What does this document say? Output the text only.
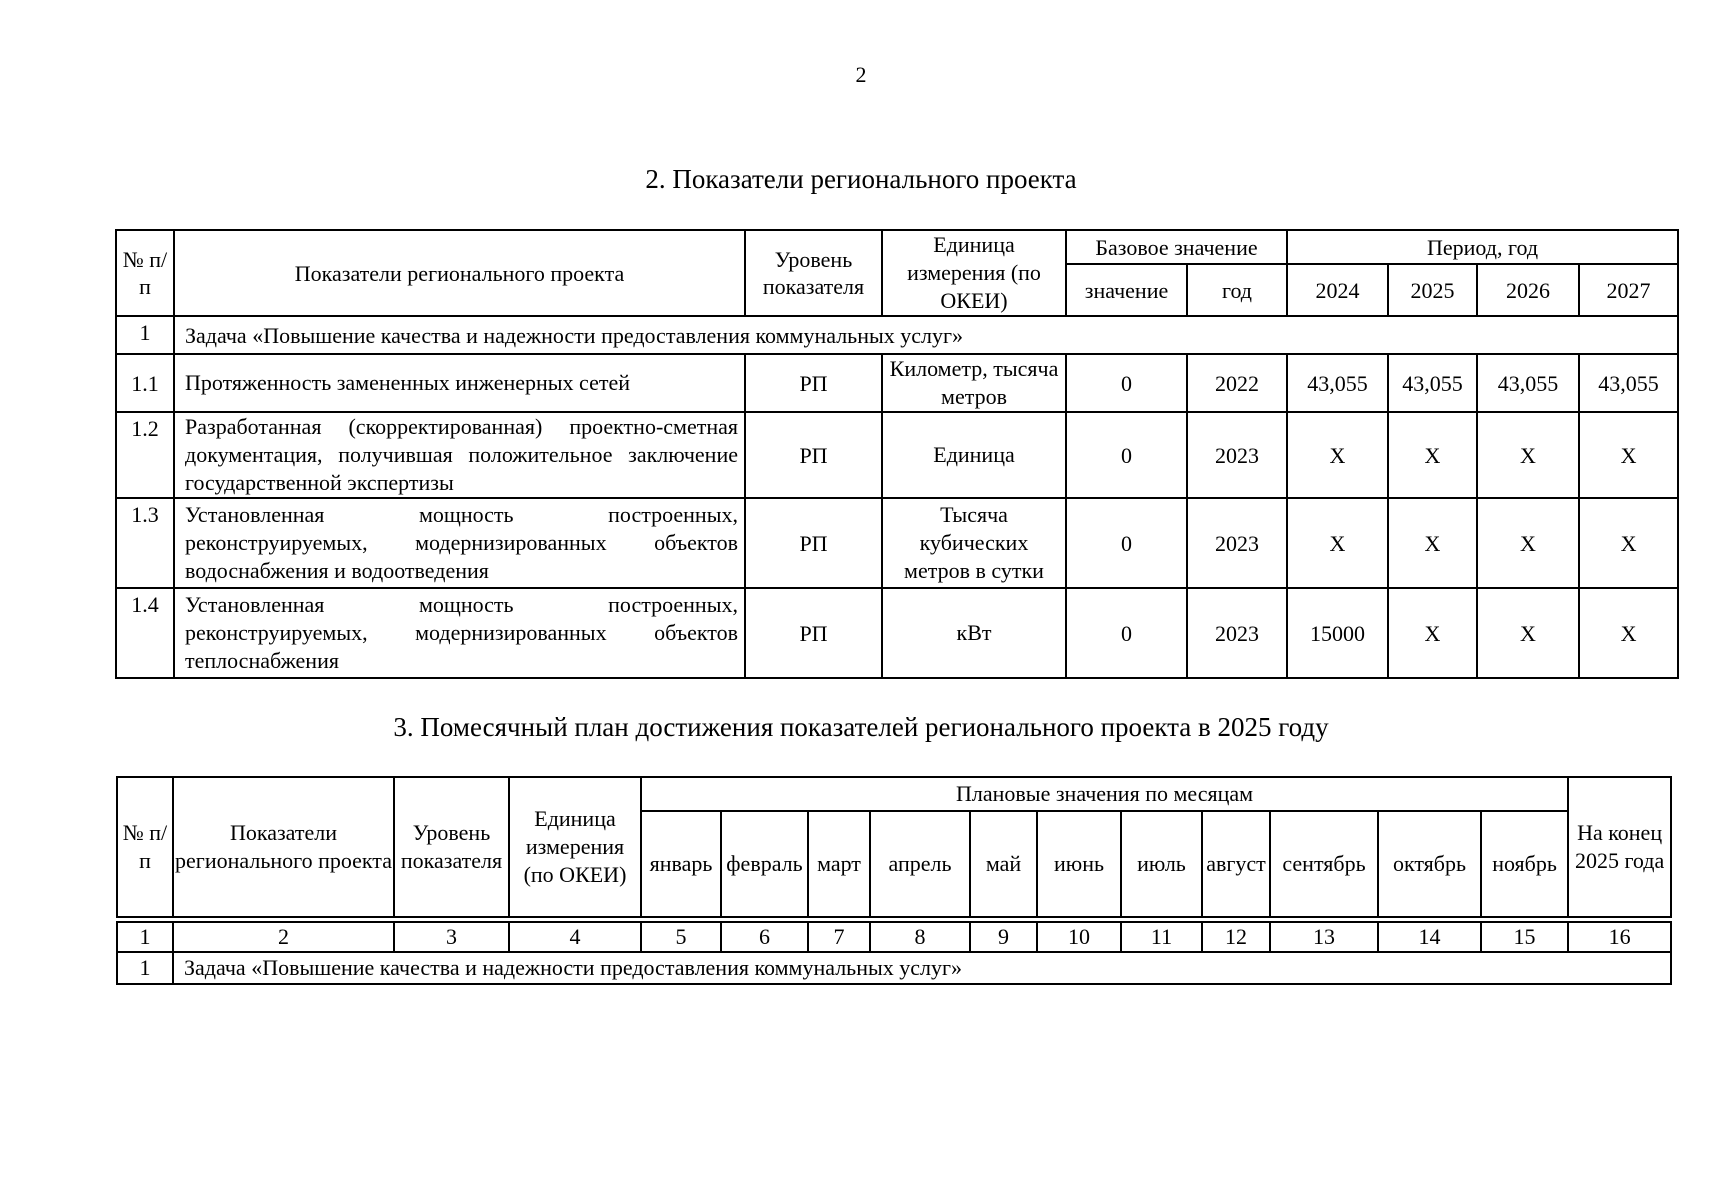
2
2. Показатели регионального проекта
№ п/п	Показатели регионального проекта	Уровень показателя	Единица измерения (по ОКЕИ)	Базовое значение		Период, год			
				значение	год	2024	2025	2026	2027
1	Задача «Повышение качества и надежности предоставления коммунальных услуг»								
1.1	Протяженность замененных инженерных сетей	РП	Километр, тысяча метров	0	2022	43,055	43,055	43,055	43,055
1.2	Разработанная (скорректированная) проектно-сметная документация, получившая положительное заключение государственной экспертизы	РП	Единица	0	2023	X	X	X	X
1.3	Установленная мощность построенных, реконструируемых, модернизированных объектов водоснабжения и водоотведения	РП	Тысяча кубических метров в сутки	0	2023	X	X	X	X
1.4	Установленная мощность построенных, реконструируемых, модернизированных объектов теплоснабжения	РП	кВт	0	2023	15000	X	X	X
3. Помесячный план достижения показателей регионального проекта в 2025 году
№ п/п	Показатели регионального проекта	Уровень показателя	Единица измерения (по ОКЕИ)	Плановые значения по месяцам											На конец 2025 года
				январь	февраль	март	апрель	май	июнь	июль	август	сентябрь	октябрь	ноябрь	

1	2	3	4	5	6	7	8	9	10	11	12	13	14	15	16
1	Задача «Повышение качества и надежности предоставления коммунальных услуг»														
